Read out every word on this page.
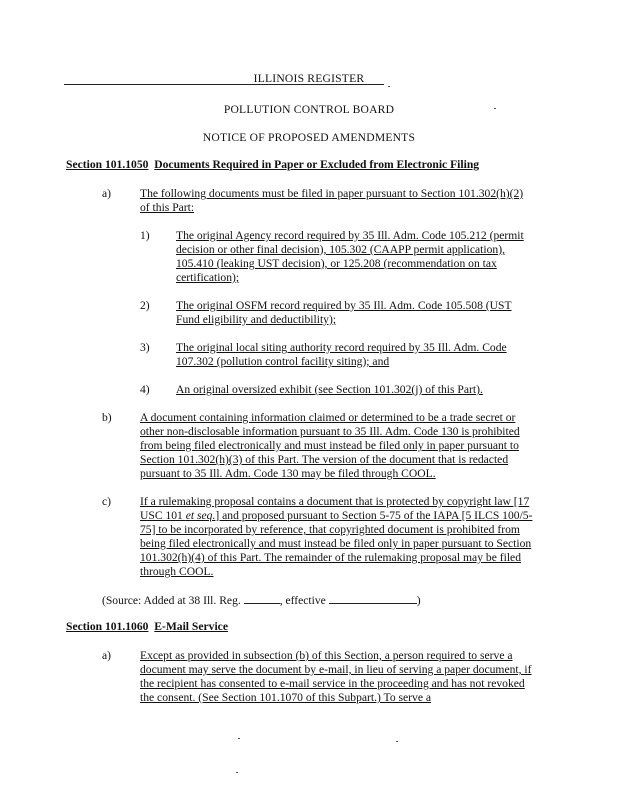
ILLINOIS REGISTER
POLLUTION CONTROL BOARD
NOTICE OF PROPOSED AMENDMENTS
Section 101.1050 Documents Required in Paper or Excluded from Electronic Filing
a) The following documents must be filed in paper pursuant to Section 101.302(h)(2) of this Part:
1) The original Agency record required by 35 Ill. Adm. Code 105.212 (permit decision or other final decision), 105.302 (CAAPP permit application), 105.410 (leaking UST decision), or 125.208 (recommendation on tax certification);
2) The original OSFM record required by 35 Ill. Adm. Code 105.508 (UST Fund eligibility and deductibility);
3) The original local siting authority record required by 35 Ill. Adm. Code 107.302 (pollution control facility siting); and
4) An original oversized exhibit (see Section 101.302(j) of this Part).
b) A document containing information claimed or determined to be a trade secret or other non-disclosable information pursuant to 35 Ill. Adm. Code 130 is prohibited from being filed electronically and must instead be filed only in paper pursuant to Section 101.302(h)(3) of this Part. The version of the document that is redacted pursuant to 35 Ill. Adm. Code 130 may be filed through COOL.
c) If a rulemaking proposal contains a document that is protected by copyright law [17 USC 101 et seq.] and proposed pursuant to Section 5-75 of the IAPA [5 ILCS 100/5-75] to be incorporated by reference, that copyrighted document is prohibited from being filed electronically and must instead be filed only in paper pursuant to Section 101.302(h)(4) of this Part. The remainder of the rulemaking proposal may be filed through COOL.
(Source: Added at 38 Ill. Reg.	, effective	)
Section 101.1060 E-Mail Service
a) Except as provided in subsection (b) of this Section, a person required to serve a document may serve the document by e-mail, in lieu of serving a paper document, if the recipient has consented to e-mail service in the proceeding and has not revoked the consent. (See Section 101.1070 of this Subpart.) To serve a
